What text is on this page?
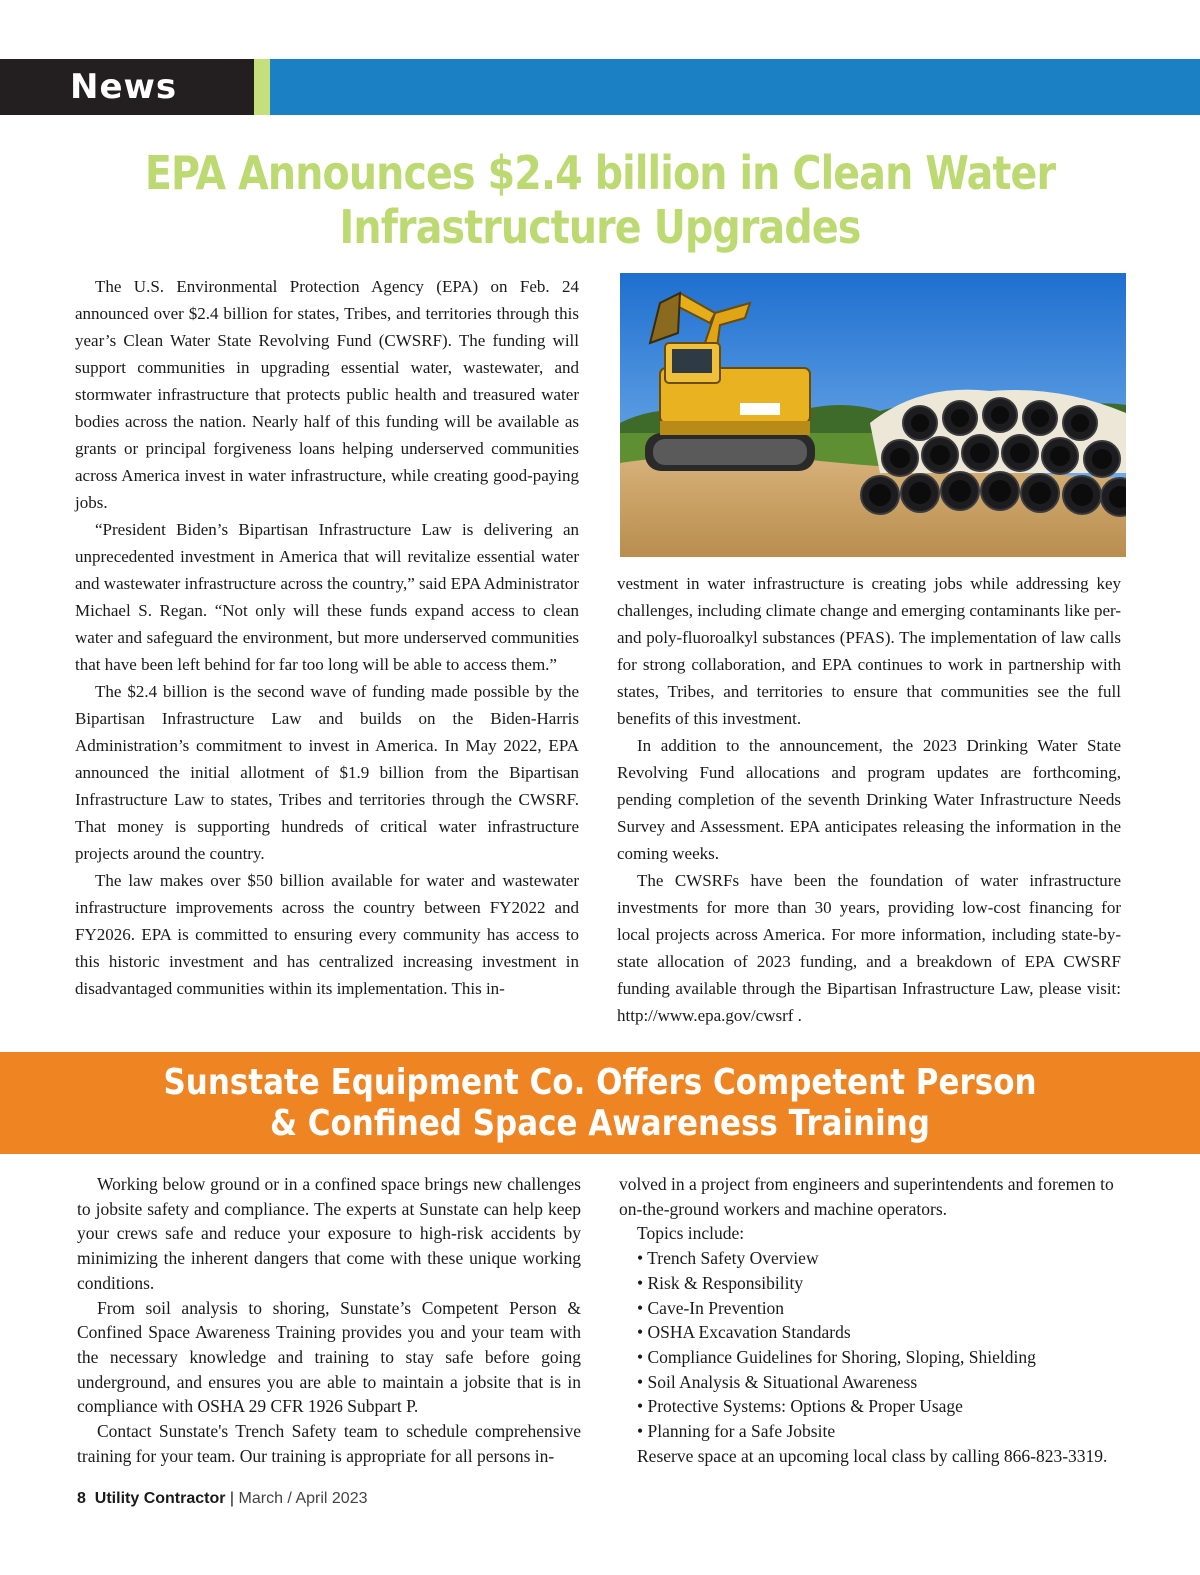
News
EPA Announces $2.4 billion in Clean Water
Infrastructure Upgrades

The U.S. Environmental Protection Agency (EPA) on Feb. 24 announced over $2.4 billion for states, Tribes, and territories through this year’s Clean Water State Revolving Fund (CWSRF). The funding will support communities in upgrading essential water, wastewater, and stormwater infrastructure that protects public health and treasured water bodies across the nation. Nearly half of this funding will be available as grants or principal forgiveness loans helping underserved communities across America invest in water infrastructure, while creating good-paying jobs.

“President Biden’s Bipartisan Infrastructure Law is delivering an unprecedented investment in America that will revitalize essential water and wastewater infrastructure across the country,” said EPA Administrator Michael S. Regan. “Not only will these funds expand access to clean water and safeguard the environment, but more underserved communities that have been left behind for far too long will be able to access them.”

The $2.4 billion is the second wave of funding made possible by the Bipartisan Infrastructure Law and builds on the Biden-Harris Administration’s commitment to invest in America. In May 2022, EPA announced the initial allotment of $1.9 billion from the Bipartisan Infrastructure Law to states, Tribes and territories through the CWSRF. That money is supporting hundreds of critical water infrastructure projects around the country.

The law makes over $50 billion available for water and wastewater infrastructure improvements across the country between FY2022 and FY2026. EPA is committed to ensuring every community has access to this historic investment and has centralized increasing investment in disadvantaged communities within its implementation. This in-

vestment in water infrastructure is creating jobs while addressing key challenges, including climate change and emerging contaminants like per- and poly-fluoroalkyl substances (PFAS). The implementation of law calls for strong collaboration, and EPA continues to work in partnership with states, Tribes, and territories to ensure that communities see the full benefits of this investment.

In addition to the announcement, the 2023 Drinking Water State Revolving Fund allocations and program updates are forthcoming, pending completion of the seventh Drinking Water Infrastructure Needs Survey and Assessment. EPA anticipates releasing the information in the coming weeks.

The CWSRFs have been the foundation of water infrastructure investments for more than 30 years, providing low-cost financing for local projects across America. For more information, including state-by-state allocation of 2023 funding, and a breakdown of EPA CWSRF funding available through the Bipartisan Infrastructure Law, please visit: http://www.epa.gov/cwsrf .

Sunstate Equipment Co. Offers Competent Person
& Confined Space Awareness Training

Working below ground or in a confined space brings new challenges to jobsite safety and compliance. The experts at Sunstate can help keep your crews safe and reduce your exposure to high-risk accidents by minimizing the inherent dangers that come with these unique working conditions.

From soil analysis to shoring, Sunstate’s Competent Person & Confined Space Awareness Training provides you and your team with the necessary knowledge and training to stay safe before going underground, and ensures you are able to maintain a jobsite that is in compliance with OSHA 29 CFR 1926 Subpart P.

Contact Sunstate's Trench Safety team to schedule comprehensive training for your team. Our training is appropriate for all persons in-

volved in a project from engineers and superintendents and foremen to on-the-ground workers and machine operators.

Topics include:
• Trench Safety Overview
• Risk & Responsibility
• Cave-In Prevention
• OSHA Excavation Standards
• Compliance Guidelines for Shoring, Sloping, Shielding
• Soil Analysis & Situational Awareness
• Protective Systems: Options & Proper Usage
• Planning for a Safe Jobsite
Reserve space at an upcoming local class by calling 866-823-3319.
8 Utility Contractor | March / April 2023
